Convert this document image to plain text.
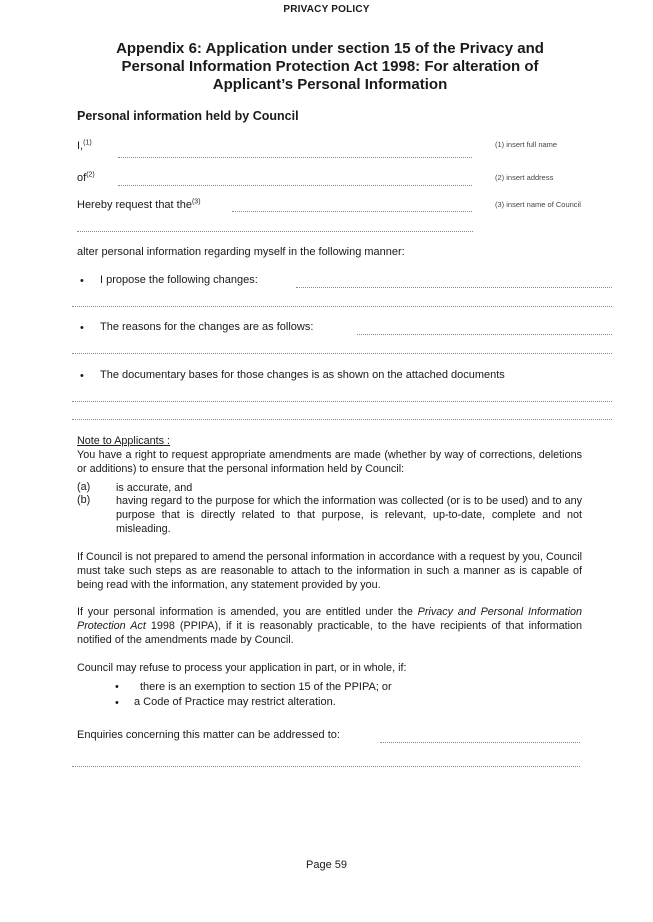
PRIVACY POLICY
Appendix 6: Application under section 15 of the Privacy and
Personal Information Protection Act 1998: For alteration of
Applicant’s Personal Information
Personal information held by Council
I,$^{(1)}$	(1) insert full name
$of^{(2)}$	(2) insert address
Hereby request that the$^{(3)}$	(3) insert name of Council
alter personal information regarding myself in the following manner:
• I propose the following changes:
• The reasons for the changes are as follows:
• The documentary bases for those changes is as shown on the attached documents
Note to Applicants :
You have a right to request appropriate amendments are made (whether by way of corrections, deletions or additions) to ensure that the personal information held by Council:
(a) is accurate, and
(b) having regard to the purpose for which the information was collected (or is to be used) and to any purpose that is directly related to that purpose, is relevant, up-to-date, complete and not misleading.
If Council is not prepared to amend the personal information in accordance with a request by you, Council must take such steps as are reasonable to attach to the information in such a manner as is capable of being read with the information, any statement provided by you.
If your personal information is amended, you are entitled under the Privacy and Personal Information Protection Act 1998 (PPIPA), if it is reasonably practicable, to the have recipients of that information notified of the amendments made by Council.
Council may refuse to process your application in part, or in whole, if:
• there is an exemption to section 15 of the PPIPA; or
• a Code of Practice may restrict alteration.
Enquiries concerning this matter can be addressed to:
Page 59
